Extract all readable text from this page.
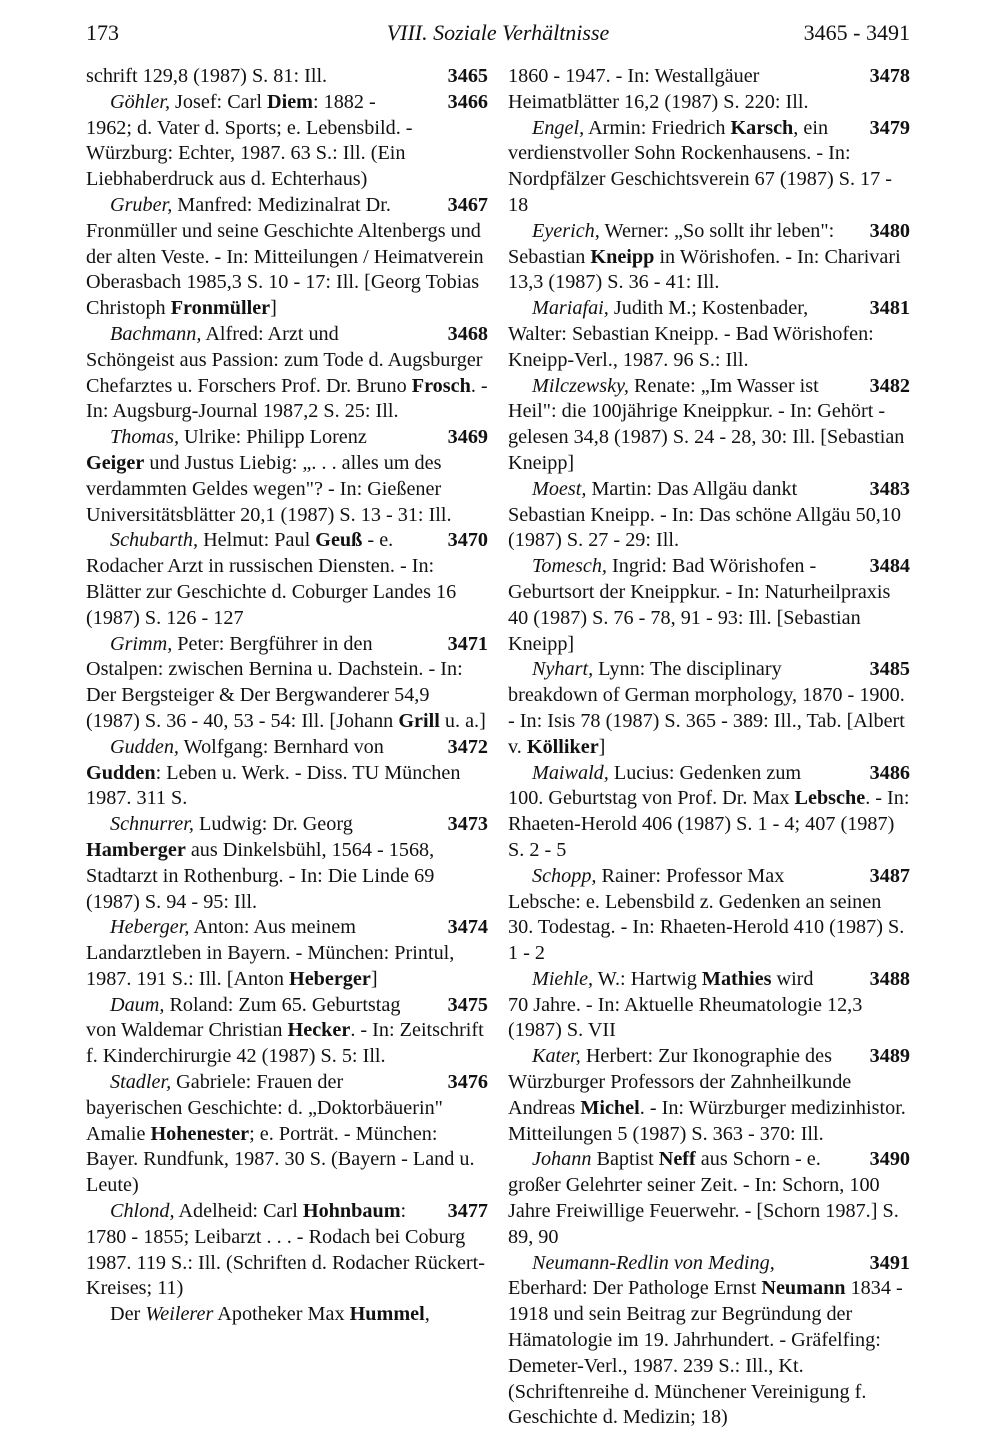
173	VIII. Soziale Verhältnisse	3465 - 3491

3465
schrift 129,8 (1987) S. 81: Ill.

3466
Göhler, Josef: Carl Diem: 1882 - 1962; d. Vater d. Sports; e. Lebensbild. - Würzburg: Echter, 1987. 63 S.: Ill. (Ein Liebhaberdruck aus d. Echterhaus)

3467
Gruber, Manfred: Medizinalrat Dr. Fronmüller und seine Geschichte Altenbergs und der alten Veste. - In: Mitteilungen / Heimatverein Oberasbach 1985,3 S. 10 - 17: Ill. [Georg Tobias Christoph Fronmüller]

3468
Bachmann, Alfred: Arzt und Schöngeist aus Passion: zum Tode d. Augsburger Chefarztes u. Forschers Prof. Dr. Bruno Frosch. - In: Augsburg-Journal 1987,2 S. 25: Ill.

3469
Thomas, Ulrike: Philipp Lorenz Geiger und Justus Liebig: „. . . alles um des verdammten Geldes wegen"? - In: Gießener Universitätsblätter 20,1 (1987) S. 13 - 31: Ill.

3470
Schubarth, Helmut: Paul Geuß - e. Rodacher Arzt in russischen Diensten. - In: Blätter zur Geschichte d. Coburger Landes 16 (1987) S. 126 - 127

3471
Grimm, Peter: Bergführer in den Ostalpen: zwischen Bernina u. Dachstein. - In: Der Bergsteiger & Der Bergwanderer 54,9 (1987) S. 36 - 40, 53 - 54: Ill. [Johann Grill u. a.]

3472
Gudden, Wolfgang: Bernhard von Gudden: Leben u. Werk. - Diss. TU München 1987. 311 S.

3473
Schnurrer, Ludwig: Dr. Georg Hamberger aus Dinkelsbühl, 1564 - 1568, Stadtarzt in Rothenburg. - In: Die Linde 69 (1987) S. 94 - 95: Ill.

3474
Heberger, Anton: Aus meinem Landarztleben in Bayern. - München: Printul, 1987. 191 S.: Ill. [Anton Heberger]

3475
Daum, Roland: Zum 65. Geburtstag von Waldemar Christian Hecker. - In: Zeitschrift f. Kinderchirurgie 42 (1987) S. 5: Ill.

3476
Stadler, Gabriele: Frauen der bayerischen Geschichte: d. „Doktorbäuerin" Amalie Hohenester; e. Porträt. - München: Bayer. Rundfunk, 1987. 30 S. (Bayern - Land u. Leute)

3477
Chlond, Adelheid: Carl Hohnbaum: 1780 - 1855; Leibarzt . . . - Rodach bei Coburg 1987. 119 S.: Ill. (Schriften d. Rodacher Rückert-Kreises; 11)

Der Weilerer Apotheker Max Hummel,

3478
1860 - 1947. - In: Westallgäuer Heimatblätter 16,2 (1987) S. 220: Ill.

3479
Engel, Armin: Friedrich Karsch, ein verdienstvoller Sohn Rockenhausens. - In: Nordpfälzer Geschichtsverein 67 (1987) S. 17 - 18

3480
Eyerich, Werner: „So sollt ihr leben": Sebastian Kneipp in Wörishofen. - In: Charivari 13,3 (1987) S. 36 - 41: Ill.

3481
Mariafai, Judith M.; Kostenbader, Walter: Sebastian Kneipp. - Bad Wörishofen: Kneipp-Verl., 1987. 96 S.: Ill.

3482
Milczewsky, Renate: „Im Wasser ist Heil": die 100jährige Kneippkur. - In: Gehört - gelesen 34,8 (1987) S. 24 - 28, 30: Ill. [Sebastian Kneipp]

3483
Moest, Martin: Das Allgäu dankt Sebastian Kneipp. - In: Das schöne Allgäu 50,10 (1987) S. 27 - 29: Ill.

3484
Tomesch, Ingrid: Bad Wörishofen - Geburtsort der Kneippkur. - In: Naturheilpraxis 40 (1987) S. 76 - 78, 91 - 93: Ill. [Sebastian Kneipp]

3485
Nyhart, Lynn: The disciplinary breakdown of German morphology, 1870 - 1900. - In: Isis 78 (1987) S. 365 - 389: Ill., Tab. [Albert v. Kölliker]

3486
Maiwald, Lucius: Gedenken zum 100. Geburtstag von Prof. Dr. Max Lebsche. - In: Rhaeten-Herold 406 (1987) S. 1 - 4; 407 (1987) S. 2 - 5

3487
Schopp, Rainer: Professor Max Lebsche: e. Lebensbild z. Gedenken an seinen 30. Todestag. - In: Rhaeten-Herold 410 (1987) S. 1 - 2

3488
Miehle, W.: Hartwig Mathies wird 70 Jahre. - In: Aktuelle Rheumatologie 12,3 (1987) S. VII

3489
Kater, Herbert: Zur Ikonographie des Würzburger Professors der Zahnheilkunde Andreas Michel. - In: Würzburger medizinhistor. Mitteilungen 5 (1987) S. 363 - 370: Ill.

3490
Johann Baptist Neff aus Schorn - e. großer Gelehrter seiner Zeit. - In: Schorn, 100 Jahre Freiwillige Feuerwehr. - [Schorn 1987.] S. 89, 90

3491
Neumann-Redlin von Meding, Eberhard: Der Pathologe Ernst Neumann 1834 - 1918 und sein Beitrag zur Begründung der Hämatologie im 19. Jahrhundert. - Gräfelfing: Demeter-Verl., 1987. 239 S.: Ill., Kt. (Schriftenreihe d. Münchener Vereinigung f. Geschichte d. Medizin; 18)
